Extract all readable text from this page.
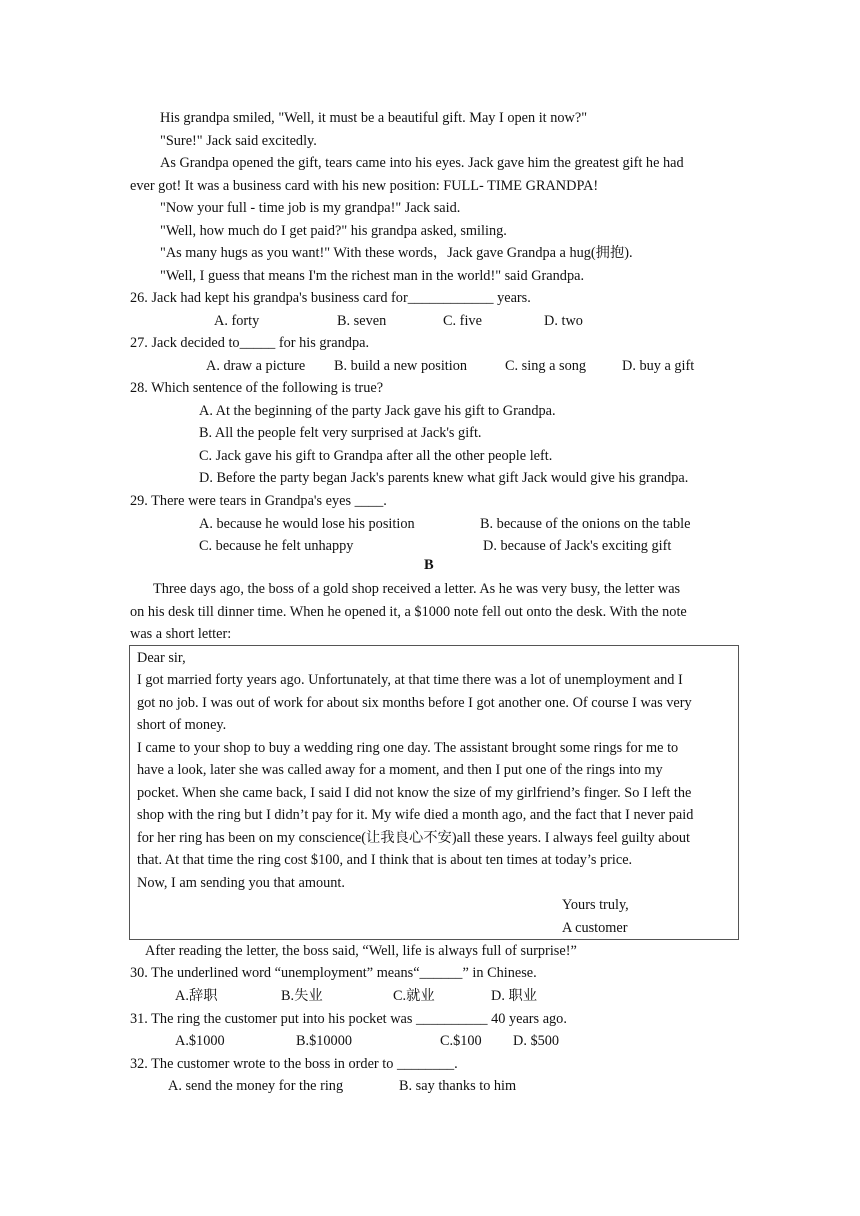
His grandpa smiled, "Well, it must be a beautiful gift. May I open it now?"
"Sure!" Jack said excitedly.
As Grandpa opened the gift, tears came into his eyes. Jack gave him the greatest gift he had
ever got! It was a business card with his new position: FULL- TIME GRANDPA!
"Now your full - time job is my grandpa!" Jack said.
"Well, how much do I get paid?" his grandpa asked, smiling.
"As many hugs as you want!" With these words，Jack gave Grandpa a hug(拥抱).
"Well, I guess that means I'm the richest man in the world!" said Grandpa.
26. Jack had kept his grandpa's business card for____________ years.
A. forty	B. seven	C. five	D. two
27. Jack decided to_____ for his grandpa.
A. draw a picture B. build a new position	C. sing a song	D. buy a gift
28. Which sentence of the following is true?
A. At the beginning of the party Jack gave his gift to Grandpa.
B. All the people felt very surprised at Jack's gift.
C. Jack gave his gift to Grandpa after all the other people left.
D. Before the party began Jack's parents knew what gift Jack would give his grandpa.
29. There were tears in Grandpa's eyes ____.
A. because he would lose his position	B. because of the onions on the table
C. because he felt unhappy	D. because of Jack's exciting gift
B
Three days ago, the boss of a gold shop received a letter. As he was very busy, the letter was
on his desk till dinner time. When he opened it, a $1000 note fell out onto the desk. With the note
was a short letter:
Dear sir,
I got married forty years ago. Unfortunately, at that time there was a lot of unemployment and I
got no job. I was out of work for about six months before I got another one. Of course I was very
short of money.
I came to your shop to buy a wedding ring one day. The assistant brought some rings for me to
have a look, later she was called away for a moment, and then I put one of the rings into my
pocket. When she came back, I said I did not know the size of my girlfriend’s finger. So I left the
shop with the ring but I didn’t pay for it. My wife died a month ago, and the fact that I never paid
for her ring has been on my conscience(让我良心不安)all these years. I always feel guilty about
that. At that time the ring cost $100, and I think that is about ten times at today’s price.
Now, I am sending you that amount.
Yours truly,
A customer
After reading the letter, the boss said, “Well, life is always full of surprise!”
30. The underlined word “unemployment” means“______” in Chinese.
A.辞职	B.失业	C.就业	D. 职业
31. The ring the customer put into his pocket was __________ 40 years ago.
A.$1000	B.$10000	C.$100 D. $500
32. The customer wrote to the boss in order to ________.
A. send the money for the ring	B. say thanks to him
